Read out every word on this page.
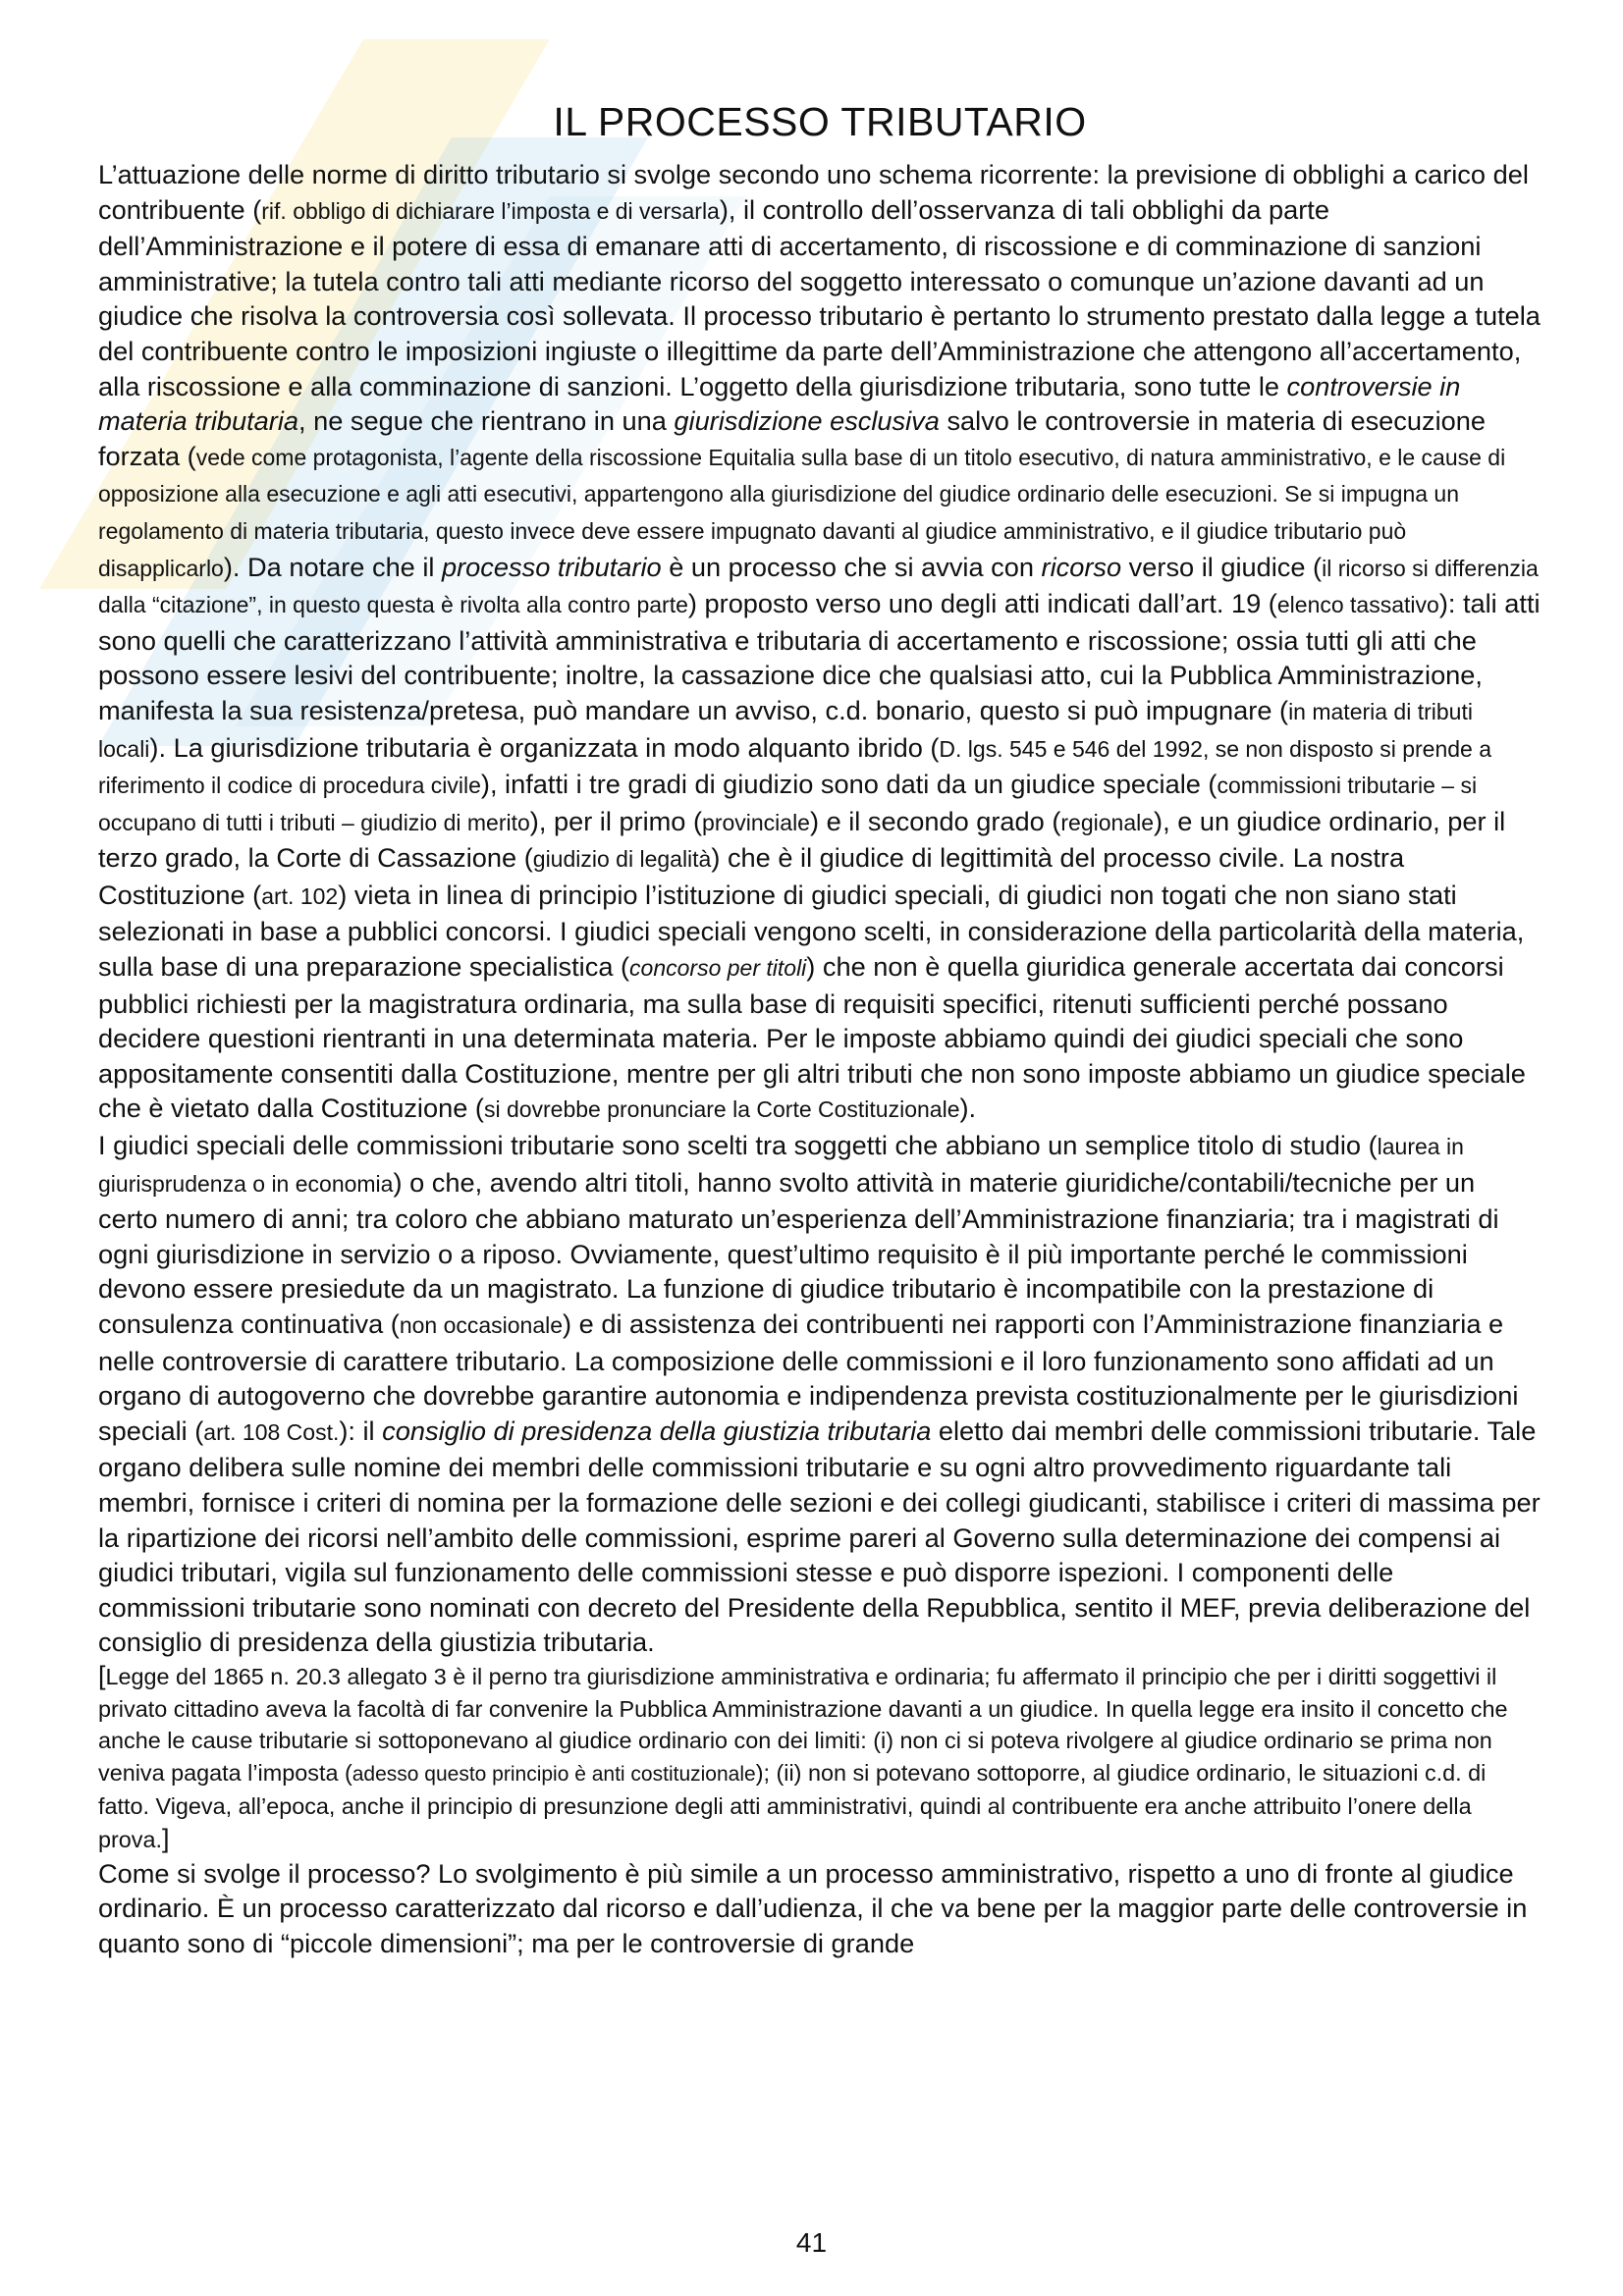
IL PROCESSO TRIBUTARIO

L’attuazione delle norme di diritto tributario si svolge secondo uno schema ricorrente: la previsione di obblighi a carico del contribuente (rif. obbligo di dichiarare l’imposta e di versarla), il controllo dell’osservanza di tali obblighi da parte dell’Amministrazione e il potere di essa di emanare atti di accertamento, di riscossione e di comminazione di sanzioni amministrative; la tutela contro tali atti mediante ricorso del soggetto interessato o comunque un’azione davanti ad un giudice che risolva la controversia così sollevata. Il processo tributario è pertanto lo strumento prestato dalla legge a tutela del contribuente contro le imposizioni ingiuste o illegittime da parte dell’Amministrazione che attengono all’accertamento, alla riscossione e alla comminazione di sanzioni. L’oggetto della giurisdizione tributaria, sono tutte le controversie in materia tributaria, ne segue che rientrano in una giurisdizione esclusiva salvo le controversie in materia di esecuzione forzata (vede come protagonista, l’agente della riscossione Equitalia sulla base di un titolo esecutivo, di natura amministrativo, e le cause di opposizione alla esecuzione e agli atti esecutivi, appartengono alla giurisdizione del giudice ordinario delle esecuzioni. Se si impugna un regolamento di materia tributaria, questo invece deve essere impugnato davanti al giudice amministrativo, e il giudice tributario può disapplicarlo). Da notare che il processo tributario è un processo che si avvia con ricorso verso il giudice (il ricorso si differenzia dalla “citazione”, in questo questa è rivolta alla contro parte) proposto verso uno degli atti indicati dall’art. 19 (elenco tassativo): tali atti sono quelli che caratterizzano l’attività amministrativa e tributaria di accertamento e riscossione; ossia tutti gli atti che possono essere lesivi del contribuente; inoltre, la cassazione dice che qualsiasi atto, cui la Pubblica Amministrazione, manifesta la sua resistenza/pretesa, può mandare un avviso, c.d. bonario, questo si può impugnare (in materia di tributi locali). La giurisdizione tributaria è organizzata in modo alquanto ibrido (D. lgs. 545 e 546 del 1992, se non disposto si prende a riferimento il codice di procedura civile), infatti i tre gradi di giudizio sono dati da un giudice speciale (commissioni tributarie – si occupano di tutti i tributi – giudizio di merito), per il primo (provinciale) e il secondo grado (regionale), e un giudice ordinario, per il terzo grado, la Corte di Cassazione (giudizio di legalità) che è il giudice di legittimità del processo civile. La nostra Costituzione (art. 102) vieta in linea di principio l’istituzione di giudici speciali, di giudici non togati che non siano stati selezionati in base a pubblici concorsi. I giudici speciali vengono scelti, in considerazione della particolarità della materia, sulla base di una preparazione specialistica (concorso per titoli) che non è quella giuridica generale accertata dai concorsi pubblici richiesti per la magistratura ordinaria, ma sulla base di requisiti specifici, ritenuti sufficienti perché possano decidere questioni rientranti in una determinata materia. Per le imposte abbiamo quindi dei giudici speciali che sono appositamente consentiti dalla Costituzione, mentre per gli altri tributi che non sono imposte abbiamo un giudice speciale che è vietato dalla Costituzione (si dovrebbe pronunciare la Corte Costituzionale).

I giudici speciali delle commissioni tributarie sono scelti tra soggetti che abbiano un semplice titolo di studio (laurea in giurisprudenza o in economia) o che, avendo altri titoli, hanno svolto attività in materie giuridiche/contabili/tecniche per un certo numero di anni; tra coloro che abbiano maturato un’esperienza dell’Amministrazione finanziaria; tra i magistrati di ogni giurisdizione in servizio o a riposo. Ovviamente, quest’ultimo requisito è il più importante perché le commissioni devono essere presiedute da un magistrato. La funzione di giudice tributario è incompatibile con la prestazione di consulenza continuativa (non occasionale) e di assistenza dei contribuenti nei rapporti con l’Amministrazione finanziaria e nelle controversie di carattere tributario. La composizione delle commissioni e il loro funzionamento sono affidati ad un organo di autogoverno che dovrebbe garantire autonomia e indipendenza prevista costituzionalmente per le giurisdizioni speciali (art. 108 Cost.): il consiglio di presidenza della giustizia tributaria eletto dai membri delle commissioni tributarie. Tale organo delibera sulle nomine dei membri delle commissioni tributarie e su ogni altro provvedimento riguardante tali membri, fornisce i criteri di nomina per la formazione delle sezioni e dei collegi giudicanti, stabilisce i criteri di massima per la ripartizione dei ricorsi nell’ambito delle commissioni, esprime pareri al Governo sulla determinazione dei compensi ai giudici tributari, vigila sul funzionamento delle commissioni stesse e può disporre ispezioni. I componenti delle commissioni tributarie sono nominati con decreto del Presidente della Repubblica, sentito il MEF, previa deliberazione del consiglio di presidenza della giustizia tributaria.

[Legge del 1865 n. 20.3 allegato 3 è il perno tra giurisdizione amministrativa e ordinaria; fu affermato il principio che per i diritti soggettivi il privato cittadino aveva la facoltà di far convenire la Pubblica Amministrazione davanti a un giudice. In quella legge era insito il concetto che anche le cause tributarie si sottoponevano al giudice ordinario con dei limiti: (i) non ci si poteva rivolgere al giudice ordinario se prima non veniva pagata l’imposta (adesso questo principio è anti costituzionale); (ii) non si potevano sottoporre, al giudice ordinario, le situazioni c.d. di fatto. Vigeva, all’epoca, anche il principio di presunzione degli atti amministrativi, quindi al contribuente era anche attribuito l’onere della prova.]

Come si svolge il processo? Lo svolgimento è più simile a un processo amministrativo, rispetto a uno di fronte al giudice ordinario. È un processo caratterizzato dal ricorso e dall’udienza, il che va bene per la maggior parte delle controversie in quanto sono di “piccole dimensioni”; ma per le controversie di grande

41
